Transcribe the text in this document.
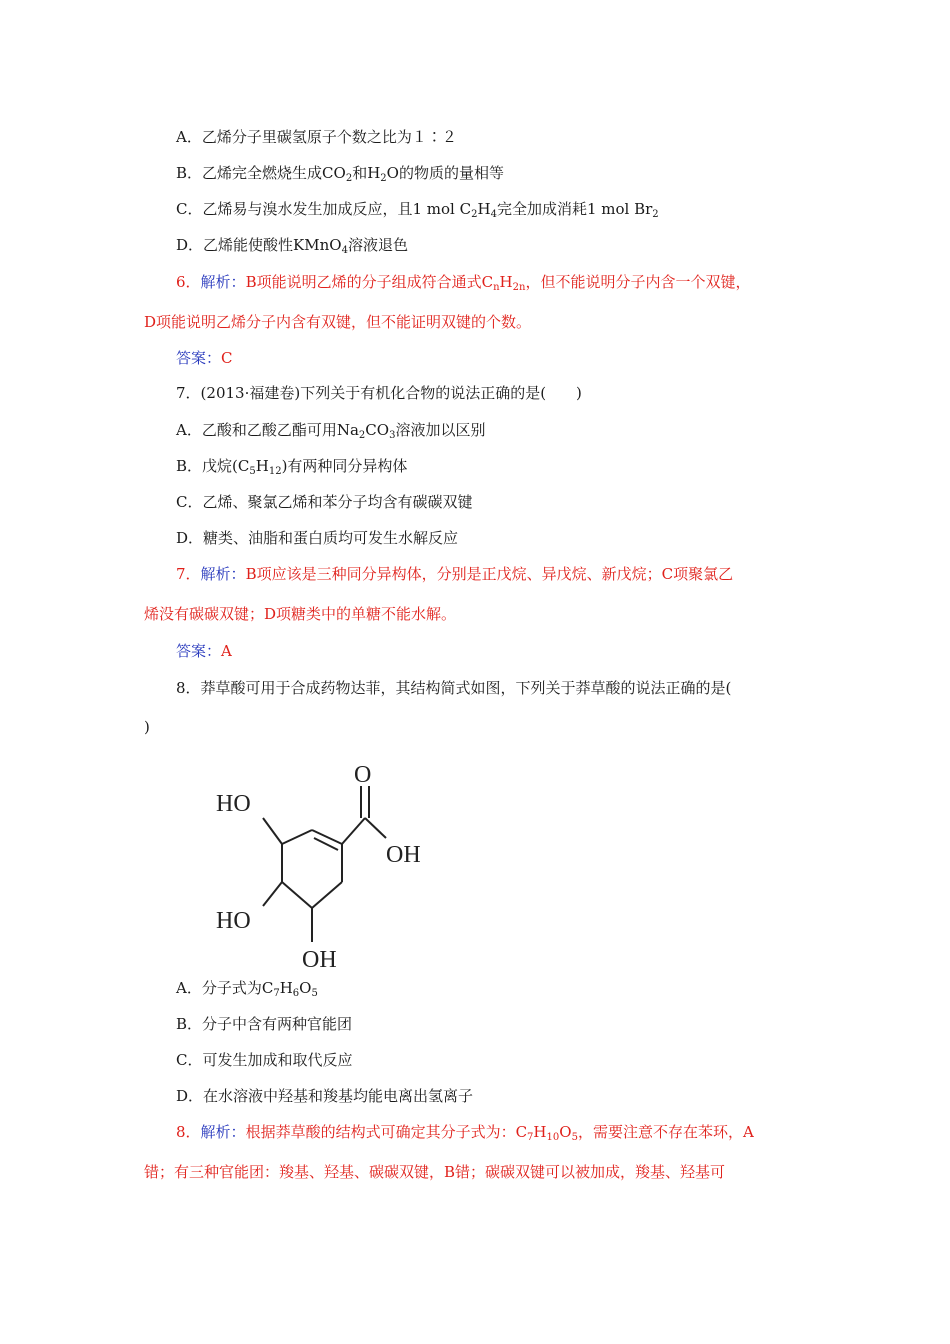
A．乙烯分子里碳氢原子个数之比为１∶２
B．乙烯完全燃烧生成$CO_2$和$H_2O$的物质的量相等
C．乙烯易与溴水发生加成反应，且1 mol $C_2H_4$完全加成消耗1 mol $Br_2$
D．乙烯能使酸性KMnO$_4$溶液退色
6．解析：B项能说明乙烯的分子组成符合通式$C_nH_{2n}$，但不能说明分子内含一个双键，
D项能说明乙烯分子内含有双键，但不能证明双键的个数。
答案：C
7．(2013·福建卷)下列关于有机化合物的说法正确的是(　　)
A．乙酸和乙酸乙酯可用$Na_2CO_3$溶液加以区别
B．戊烷$(C_5H_{12})$有两种同分异构体
C．乙烯、聚氯乙烯和苯分子均含有碳碳双键
D．糖类、油脂和蛋白质均可发生水解反应
7．解析：B项应该是三种同分异构体，分别是正戊烷、异戊烷、新戊烷；C项聚氯乙
烯没有碳碳双键；D项糖类中的单糖不能水解。
答案：A
8．莽草酸可用于合成药物达菲，其结构简式如图，下列关于莽草酸的说法正确的是(
)
O
OH
HO
HO
OH
A．分子式为$C_7H_6O_5$
B．分子中含有两种官能团
C．可发生加成和取代反应
D．在水溶液中羟基和羧基均能电离出氢离子
8．解析：根据莽草酸的结构式可确定其分子式为：$C_7H_{10}O_5$，需要注意不存在苯环，A
错；有三种官能团：羧基、羟基、碳碳双键，B错；碳碳双键可以被加成，羧基、羟基可
